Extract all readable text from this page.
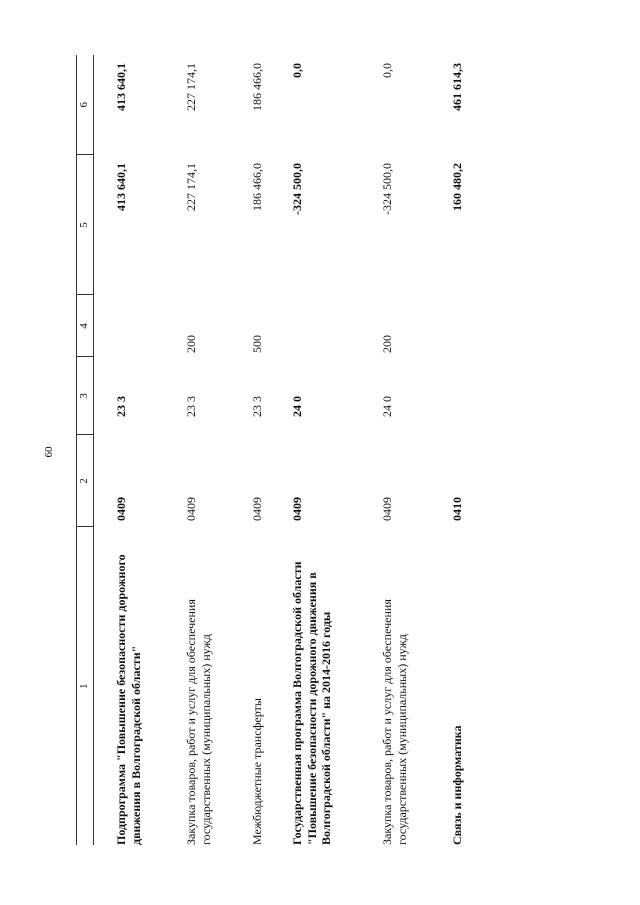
60
1	2	3	4	5	6
Подпрограмма "Повышение безопасности дорожного движения в Волгоградской области"	0409	23 3		413 640,1	413 640,1
Закупка товаров, работ и услуг для обеспечения государственных (муниципальных) нужд	0409	23 3	200	227 174,1	227 174,1
Межбюджетные трансферты	0409	23 3	500	186 466,0	186 466,0
Государственная программа Волгоградской области "Повышение безопасности дорожного движения в Волгоградской области" на 2014-2016 годы	0409	24 0		-324 500,0	0,0
Закупка товаров, работ и услуг для обеспечения государственных (муниципальных) нужд	0409	24 0	200	-324 500,0	0,0
Связь и информатика	0410			160 480,2	461 614,3
